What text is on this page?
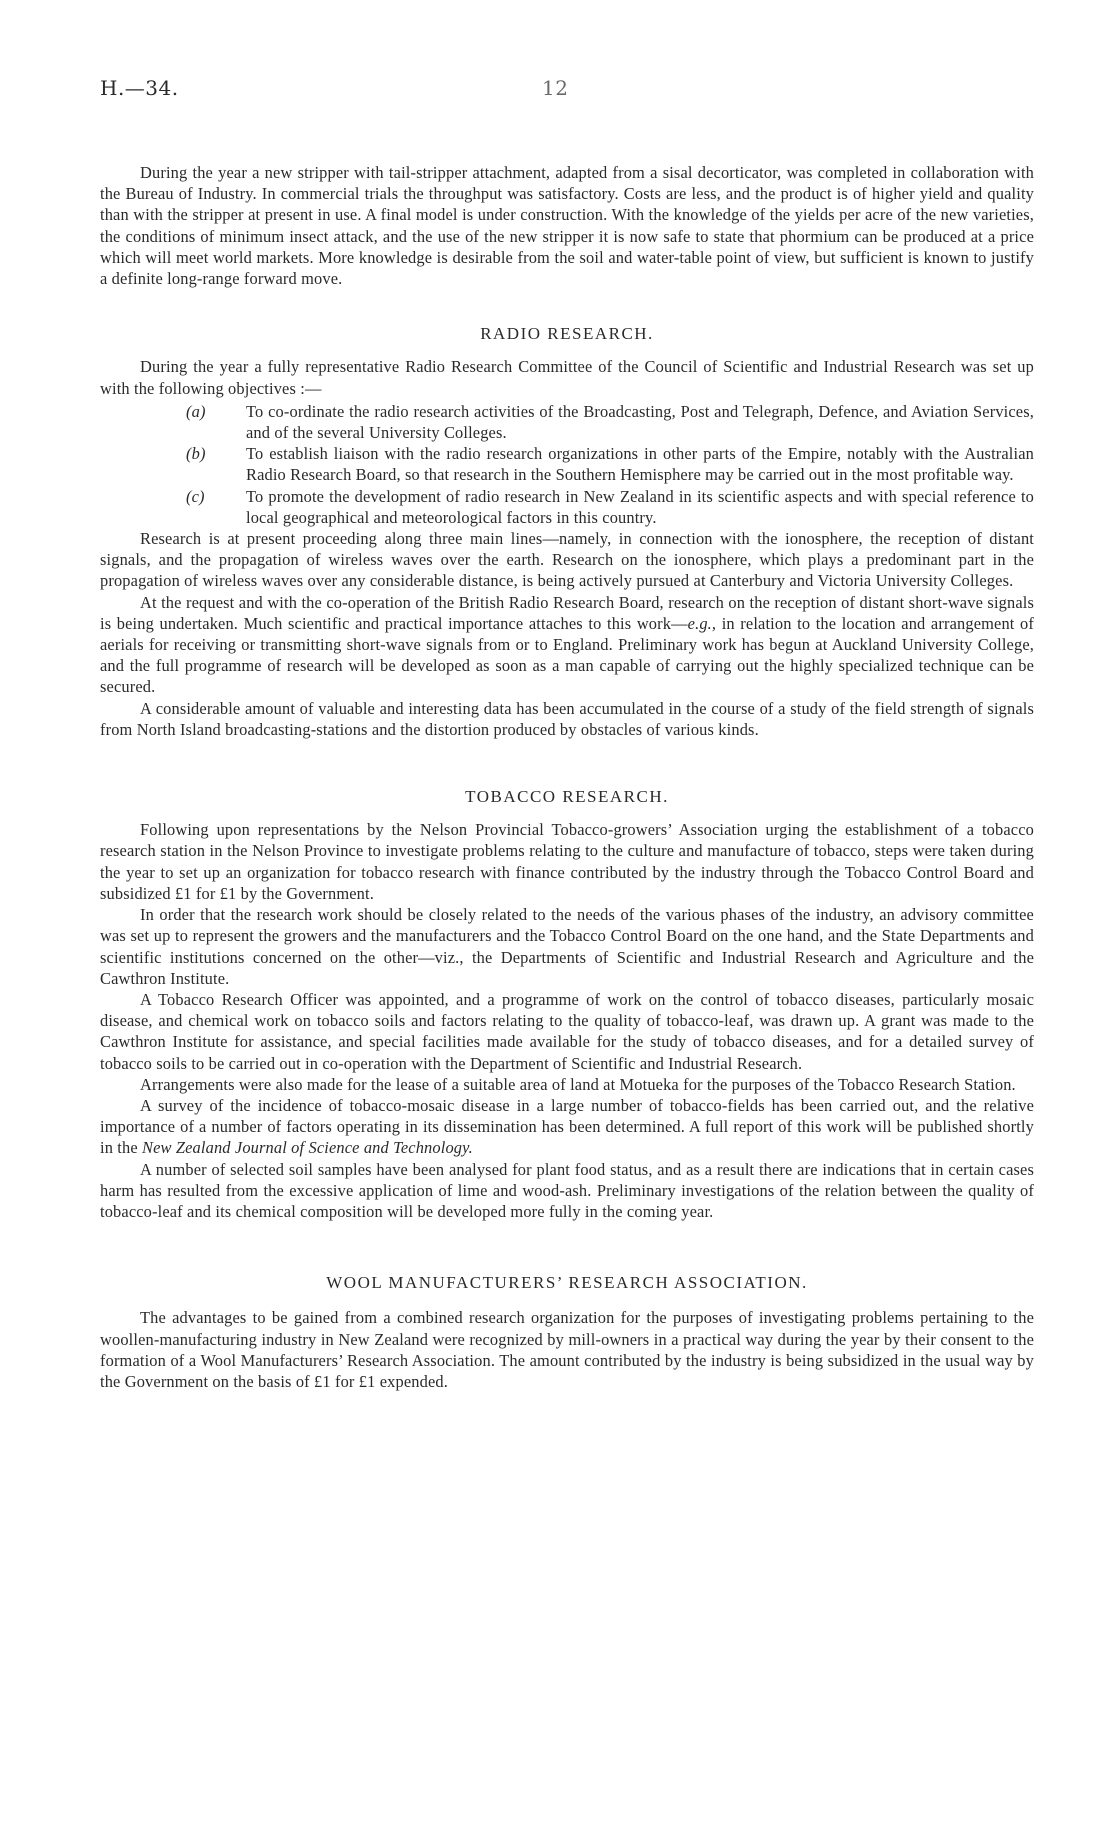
H.—34.	12

During the year a new stripper with tail-stripper attachment, adapted from a sisal decorticator, was completed in collaboration with the Bureau of Industry. In commercial trials the throughput was satisfactory. Costs are less, and the product is of higher yield and quality than with the stripper at present in use. A final model is under construction. With the knowledge of the yields per acre of the new varieties, the conditions of minimum insect attack, and the use of the new stripper it is now safe to state that phormium can be produced at a price which will meet world markets. More knowledge is desirable from the soil and water-table point of view, but sufficient is known to justify a definite long-range forward move.

RADIO RESEARCH.

During the year a fully representative Radio Research Committee of the Council of Scientific and Industrial Research was set up with the following objectives :—

(a) To co-ordinate the radio research activities of the Broadcasting, Post and Telegraph, Defence, and Aviation Services, and of the several University Colleges.
(b) To establish liaison with the radio research organizations in other parts of the Empire, notably with the Australian Radio Research Board, so that research in the Southern Hemisphere may be carried out in the most profitable way.
(c)	To promote the development of radio research in New Zealand in its scientific aspects and with special reference to local geographical and meteorological factors in this country.

Research is at present proceeding along three main lines—namely, in connection with the ionosphere, the reception of distant signals, and the propagation of wireless waves over the earth. Research on the ionosphere, which plays a predominant part in the propagation of wireless waves over any considerable distance, is being actively pursued at Canterbury and Victoria University Colleges.

At the request and with the co-operation of the British Radio Research Board, research on the reception of distant short-wave signals is being undertaken. Much scientific and practical importance attaches to this work—e.g., in relation to the location and arrangement of aerials for receiving or transmitting short-wave signals from or to England. Preliminary work has begun at Auckland University College, and the full programme of research will be developed as soon as a man capable of carrying out the highly specialized technique can be secured.

A considerable amount of valuable and interesting data has been accumulated in the course of a study of the field strength of signals from North Island broadcasting-stations and the distortion produced by obstacles of various kinds.

TOBACCO RESEARCH.

Following upon representations by the Nelson Provincial Tobacco-growers’ Association urging the establishment of a tobacco research station in the Nelson Province to investigate problems relating to the culture and manufacture of tobacco, steps were taken during the year to set up an organization for tobacco research with finance contributed by the industry through the Tobacco Control Board and subsidized £1 for £1 by the Government.

In order that the research work should be closely related to the needs of the various phases of the industry, an advisory committee was set up to represent the growers and the manufacturers and the Tobacco Control Board on the one hand, and the State Departments and scientific institutions concerned on the other—viz., the Departments of Scientific and Industrial Research and Agriculture and the Cawthron Institute.

A Tobacco Research Officer was appointed, and a programme of work on the control of tobacco diseases, particularly mosaic disease, and chemical work on tobacco soils and factors relating to the quality of tobacco-leaf, was drawn up. A grant was made to the Cawthron Institute for assistance, and special facilities made available for the study of tobacco diseases, and for a detailed survey of tobacco soils to be carried out in co-operation with the Department of Scientific and Industrial Research.

Arrangements were also made for the lease of a suitable area of land at Motueka for the purposes of the Tobacco Research Station.

A survey of the incidence of tobacco-mosaic disease in a large number of tobacco-fields has been carried out, and the relative importance of a number of factors operating in its dissemination has been determined. A full report of this work will be published shortly in the New Zealand Journal of Science and Technology.

A number of selected soil samples have been analysed for plant food status, and as a result there are indications that in certain cases harm has resulted from the excessive application of lime and wood-ash. Preliminary investigations of the relation between the quality of tobacco-leaf and its chemical composition will be developed more fully in the coming year.

WOOL MANUFACTURERS’ RESEARCH ASSOCIATION.

The advantages to be gained from a combined research organization for the purposes of investigating problems pertaining to the woollen-manufacturing industry in New Zealand were recognized by mill-owners in a practical way during the year by their consent to the formation of a Wool Manufacturers’ Research Association. The amount contributed by the industry is being subsidized in the usual way by the Government on the basis of £1 for £1 expended.
